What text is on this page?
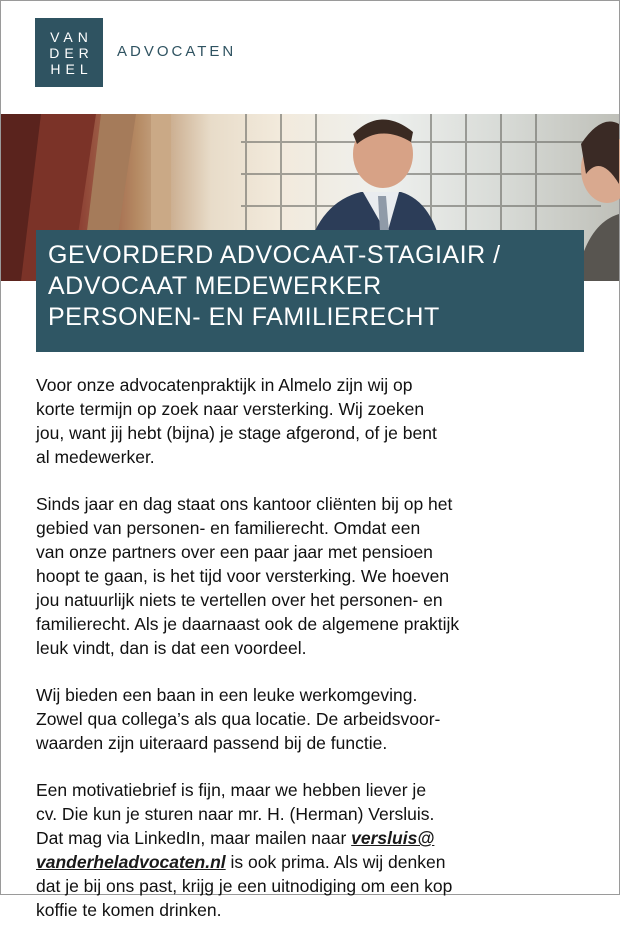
VAN
DER
HEL
ADVOCATEN
GEVORDERD ADVOCAAT-STAGIAIR /
ADVOCAAT MEDEWERKER
PERSONEN- EN FAMILIERECHT

Voor onze advocatenpraktijk in Almelo zijn wij op
korte termijn op zoek naar versterking. Wij zoeken
jou, want jij hebt (bijna) je stage afgerond, of je bent
al medewerker.

Sinds jaar en dag staat ons kantoor cliënten bij op het
gebied van personen- en familierecht. Omdat een
van onze partners over een paar jaar met pensioen
hoopt te gaan, is het tijd voor versterking. We hoeven
jou natuurlijk niets te vertellen over het personen- en
familierecht. Als je daarnaast ook de algemene praktijk
leuk vindt, dan is dat een voordeel.

Wij bieden een baan in een leuke werkomgeving.
Zowel qua collega’s als qua locatie. De arbeidsvoor-
waarden zijn uiteraard passend bij de functie.

Een motivatiebrief is fijn, maar we hebben liever je
cv. Die kun je sturen naar mr. H. (Herman) Versluis.
Dat mag via LinkedIn, maar mailen naar versluis@
vanderheladvocaten.nl is ook prima. Als wij denken
dat je bij ons past, krijg je een uitnodiging om een kop
koffie te komen drinken.
